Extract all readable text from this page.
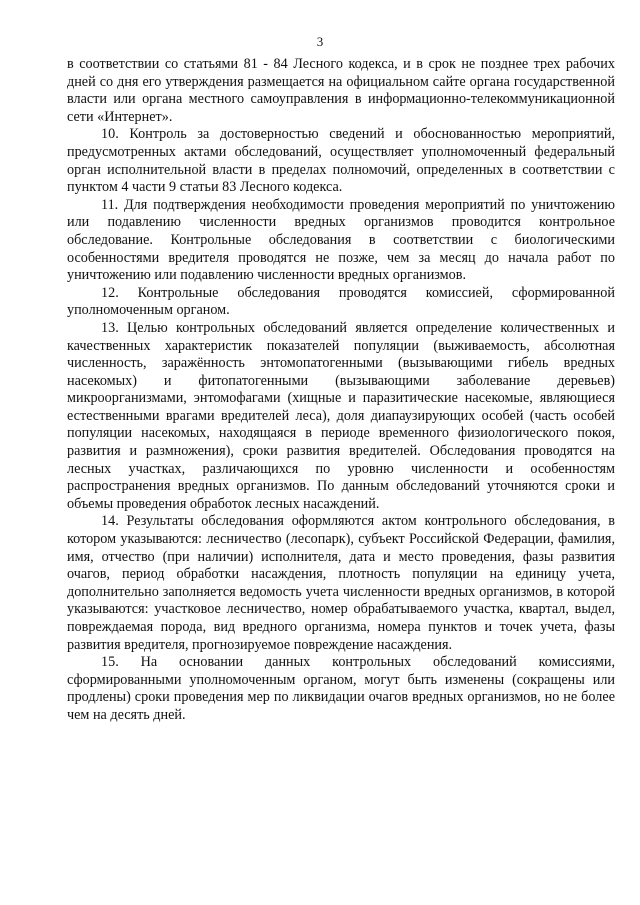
3

в соответствии со статьями 81 - 84 Лесного кодекса, и в срок не позднее трех рабочих дней со дня его утверждения размещается на официальном сайте органа государственной власти или органа местного самоуправления в информационно-телекоммуникационной сети «Интернет».

10. Контроль за достоверностью сведений и обоснованностью мероприятий, предусмотренных актами обследований, осуществляет уполномоченный федеральный орган исполнительной власти в пределах полномочий, определенных в соответствии с пунктом 4 части 9 статьи 83 Лесного кодекса.

11. Для подтверждения необходимости проведения мероприятий по уничтожению или подавлению численности вредных организмов проводится контрольное обследование. Контрольные обследования в соответствии с биологическими особенностями вредителя проводятся не позже, чем за месяц до начала работ по уничтожению или подавлению численности вредных организмов.

12. Контрольные обследования проводятся комиссией, сформированной уполномоченным органом.

13. Целью контрольных обследований является определение количественных и качественных характеристик показателей популяции (выживаемость, абсолютная численность, заражённость энтомопатогенными (вызывающими гибель вредных насекомых) и фитопатогенными (вызывающими заболевание деревьев) микроорганизмами, энтомофагами (хищные и паразитические насекомые, являющиеся естественными врагами вредителей леса), доля диапаузирующих особей (часть особей популяции насекомых, находящаяся в периоде временного физиологического покоя, развития и размножения), сроки развития вредителей. Обследования проводятся на лесных участках, различающихся по уровню численности и особенностям распространения вредных организмов. По данным обследований уточняются сроки и объемы проведения обработок лесных насаждений.

14. Результаты обследования оформляются актом контрольного обследования, в котором указываются: лесничество (лесопарк), субъект Российской Федерации, фамилия, имя, отчество (при наличии) исполнителя, дата и место проведения, фазы развития очагов, период обработки насаждения, плотность популяции на единицу учета, дополнительно заполняется ведомость учета численности вредных организмов, в которой указываются: участковое лесничество, номер обрабатываемого участка, квартал, выдел, повреждаемая порода, вид вредного организма, номера пунктов и точек учета, фазы развития вредителя, прогнозируемое повреждение насаждения.

15. На основании данных контрольных обследований комиссиями, сформированными уполномоченным органом, могут быть изменены (сокращены или продлены) сроки проведения мер по ликвидации очагов вредных организмов, но не более чем на десять дней.
